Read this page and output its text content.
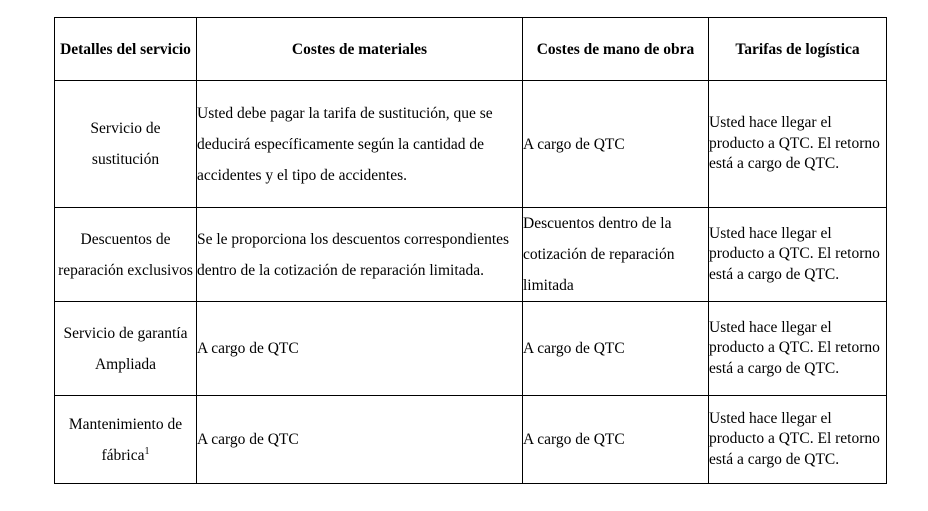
Detalles del servicio	Costes de materiales	Costes de mano de obra	Tarifas de logística
Servicio de sustitución	Usted debe pagar la tarifa de sustitución, que se deducirá específicamente según la cantidad de accidentes y el tipo de accidentes.	A cargo de QTC	Usted hace llegar el producto a QTC. El retorno está a cargo de QTC.
Descuentos de reparación exclusivos	Se le proporciona los descuentos correspondientes dentro de la cotización de reparación limitada.	Descuentos dentro de la cotización de reparación limitada	Usted hace llegar el producto a QTC. El retorno está a cargo de QTC.
Servicio de garantía Ampliada	A cargo de QTC	A cargo de QTC	Usted hace llegar el producto a QTC. El retorno está a cargo de QTC.
Mantenimiento de fábrica$^1$	A cargo de QTC	A cargo de QTC	Usted hace llegar el producto a QTC. El retorno está a cargo de QTC.
